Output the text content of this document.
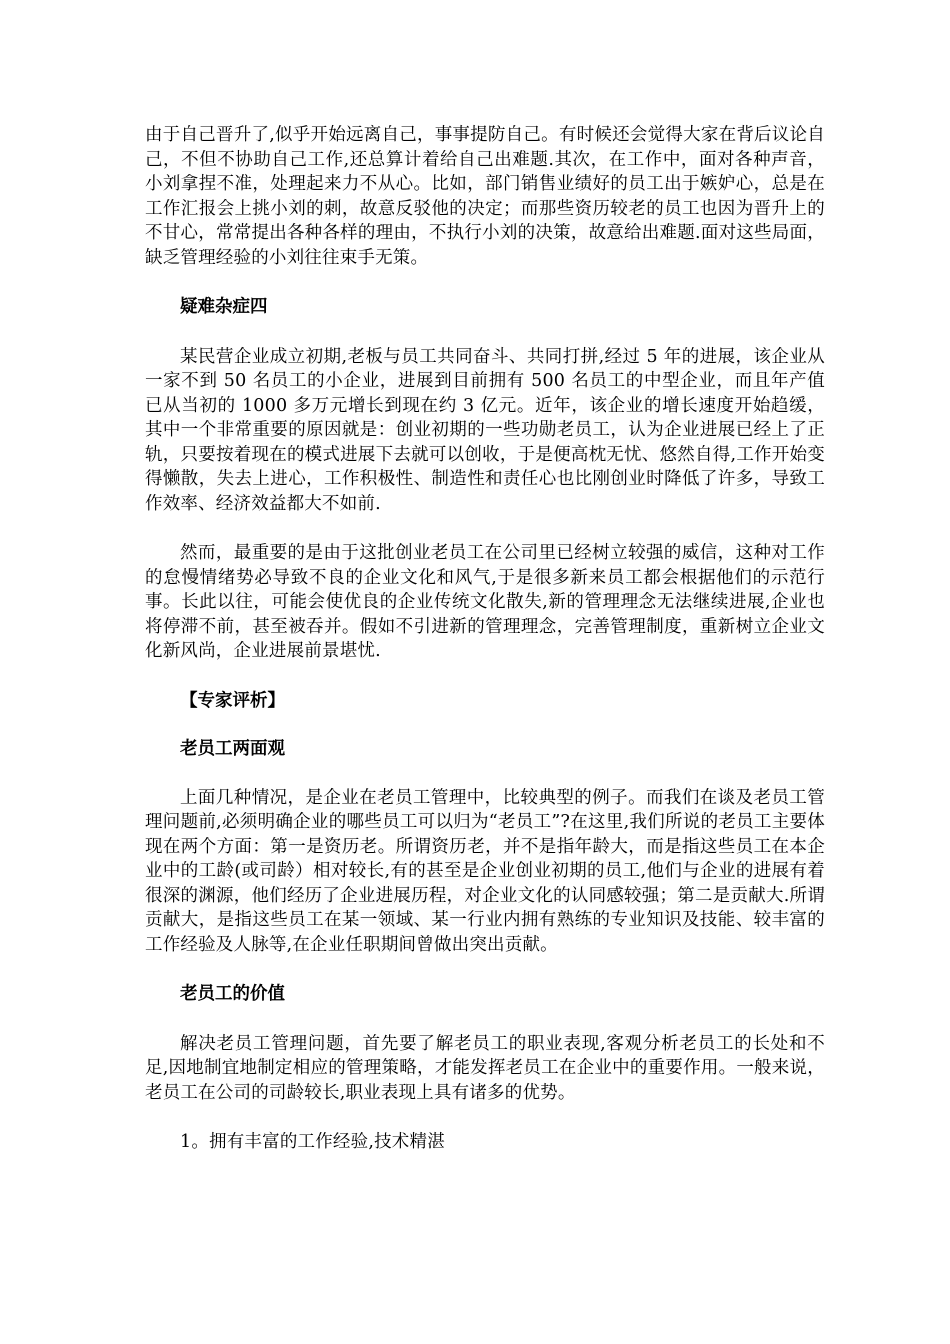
由于自己晋升了,似乎开始远离自己，事事提防自己。有时候还会觉得大家在背后议论自己，不但不协助自己工作,还总算计着给自己出难题.其次，在工作中，面对各种声音，小刘拿捏不准，处理起来力不从心。比如，部门销售业绩好的员工出于嫉妒心，总是在工作汇报会上挑小刘的刺，故意反驳他的决定；而那些资历较老的员工也因为晋升上的不甘心，常常提出各种各样的理由，不执行小刘的决策，故意给出难题.面对这些局面，缺乏管理经验的小刘往往束手无策。

疑难杂症四

某民营企业成立初期,老板与员工共同奋斗、共同打拼,经过 5 年的进展，该企业从一家不到 50 名员工的小企业，进展到目前拥有 500 名员工的中型企业，而且年产值已从当初的 1000 多万元增长到现在约 3 亿元。近年，该企业的增长速度开始趋缓，其中一个非常重要的原因就是：创业初期的一些功勋老员工，认为企业进展已经上了正轨，只要按着现在的模式进展下去就可以创收，于是便高枕无忧、悠然自得,工作开始变得懒散，失去上进心，工作积极性、制造性和责任心也比刚创业时降低了许多，导致工作效率、经济效益都大不如前.

然而，最重要的是由于这批创业老员工在公司里已经树立较强的威信，这种对工作的怠慢情绪势必导致不良的企业文化和风气,于是很多新来员工都会根据他们的示范行事。长此以往，可能会使优良的企业传统文化散失,新的管理理念无法继续进展,企业也将停滞不前，甚至被吞并。假如不引进新的管理理念，完善管理制度，重新树立企业文化新风尚，企业进展前景堪忧.

【专家评析】

老员工两面观

上面几种情况，是企业在老员工管理中，比较典型的例子。而我们在谈及老员工管理问题前,必须明确企业的哪些员工可以归为“老员工”?在这里,我们所说的老员工主要体现在两个方面：第一是资历老。所谓资历老，并不是指年龄大，而是指这些员工在本企业中的工龄(或司龄）相对较长,有的甚至是企业创业初期的员工,他们与企业的进展有着很深的渊源，他们经历了企业进展历程，对企业文化的认同感较强；第二是贡献大.所谓贡献大，是指这些员工在某一领域、某一行业内拥有熟练的专业知识及技能、较丰富的工作经验及人脉等,在企业任职期间曾做出突出贡献。

老员工的价值

解决老员工管理问题，首先要了解老员工的职业表现,客观分析老员工的长处和不足,因地制宜地制定相应的管理策略，才能发挥老员工在企业中的重要作用。一般来说，老员工在公司的司龄较长,职业表现上具有诸多的优势。

1。拥有丰富的工作经验,技术精湛
